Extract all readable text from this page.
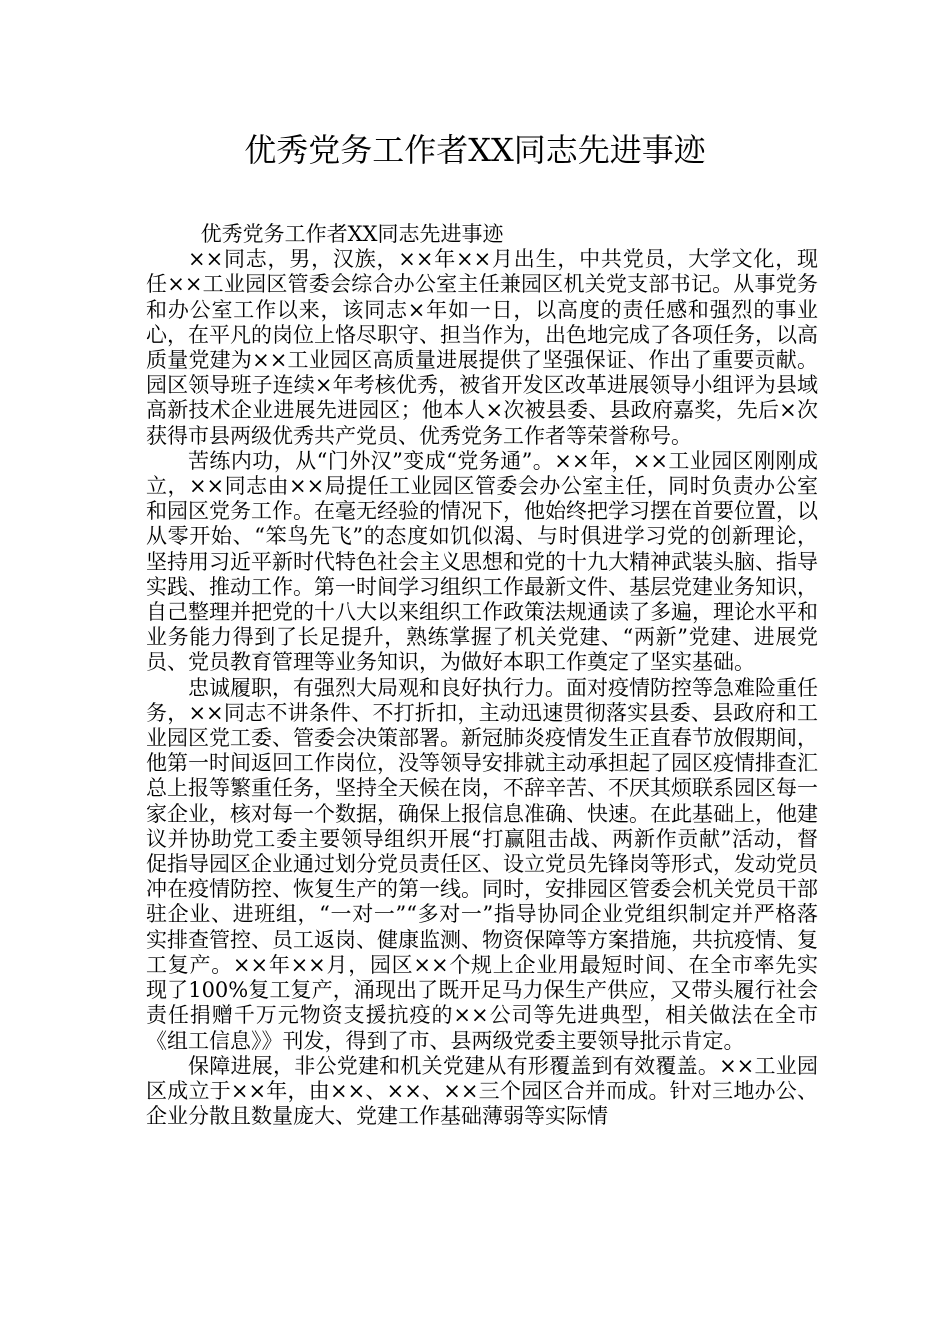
优秀党务工作者XX同志先进事迹

优秀党务工作者XX同志先进事迹

××同志，男，汉族，××年××月出生，中共党员，大学文化，现任××工业园区管委会综合办公室主任兼园区机关党支部书记。从事党务和办公室工作以来，该同志×年如一日，以高度的责任感和强烈的事业心，在平凡的岗位上恪尽职守、担当作为，出色地完成了各项任务，以高质量党建为××工业园区高质量进展提供了坚强保证、作出了重要贡献。园区领导班子连续×年考核优秀，被省开发区改革进展领导小组评为县域高新技术企业进展先进园区；他本人×次被县委、县政府嘉奖，先后×次获得市县两级优秀共产党员、优秀党务工作者等荣誉称号。

苦练内功，从“门外汉”变成“党务通”。××年，××工业园区刚刚成立，××同志由××局提任工业园区管委会办公室主任，同时负责办公室和园区党务工作。在毫无经验的情况下，他始终把学习摆在首要位置，以从零开始、“笨鸟先飞”的态度如饥似渴、与时俱进学习党的创新理论，坚持用习近平新时代特色社会主义思想和党的十九大精神武装头脑、指导实践、推动工作。第一时间学习组织工作最新文件、基层党建业务知识，自己整理并把党的十八大以来组织工作政策法规通读了多遍，理论水平和业务能力得到了长足提升，熟练掌握了机关党建、“两新”党建、进展党员、党员教育管理等业务知识，为做好本职工作奠定了坚实基础。

忠诚履职，有强烈大局观和良好执行力。面对疫情防控等急难险重任务，××同志不讲条件、不打折扣，主动迅速贯彻落实县委、县政府和工业园区党工委、管委会决策部署。新冠肺炎疫情发生正直春节放假期间，他第一时间返回工作岗位，没等领导安排就主动承担起了园区疫情排查汇总上报等繁重任务，坚持全天候在岗，不辞辛苦、不厌其烦联系园区每一家企业，核对每一个数据，确保上报信息准确、快速。在此基础上，他建议并协助党工委主要领导组织开展“打赢阻击战、两新作贡献”活动，督促指导园区企业通过划分党员责任区、设立党员先锋岗等形式，发动党员冲在疫情防控、恢复生产的第一线。同时，安排园区管委会机关党员干部驻企业、进班组，“一对一”“多对一”指导协同企业党组织制定并严格落实排查管控、员工返岗、健康监测、物资保障等方案措施，共抗疫情、复工复产。××年××月，园区××个规上企业用最短时间、在全市率先实现了100%复工复产，涌现出了既开足马力保生产供应，又带头履行社会责任捐赠千万元物资支援抗疫的××公司等先进典型，相关做法在全市《组工信息》》刊发，得到了市、县两级党委主要领导批示肯定。

保障进展，非公党建和机关党建从有形覆盖到有效覆盖。××工业园区成立于××年，由××、××、××三个园区合并而成。针对三地办公、企业分散且数量庞大、党建工作基础薄弱等实际情
